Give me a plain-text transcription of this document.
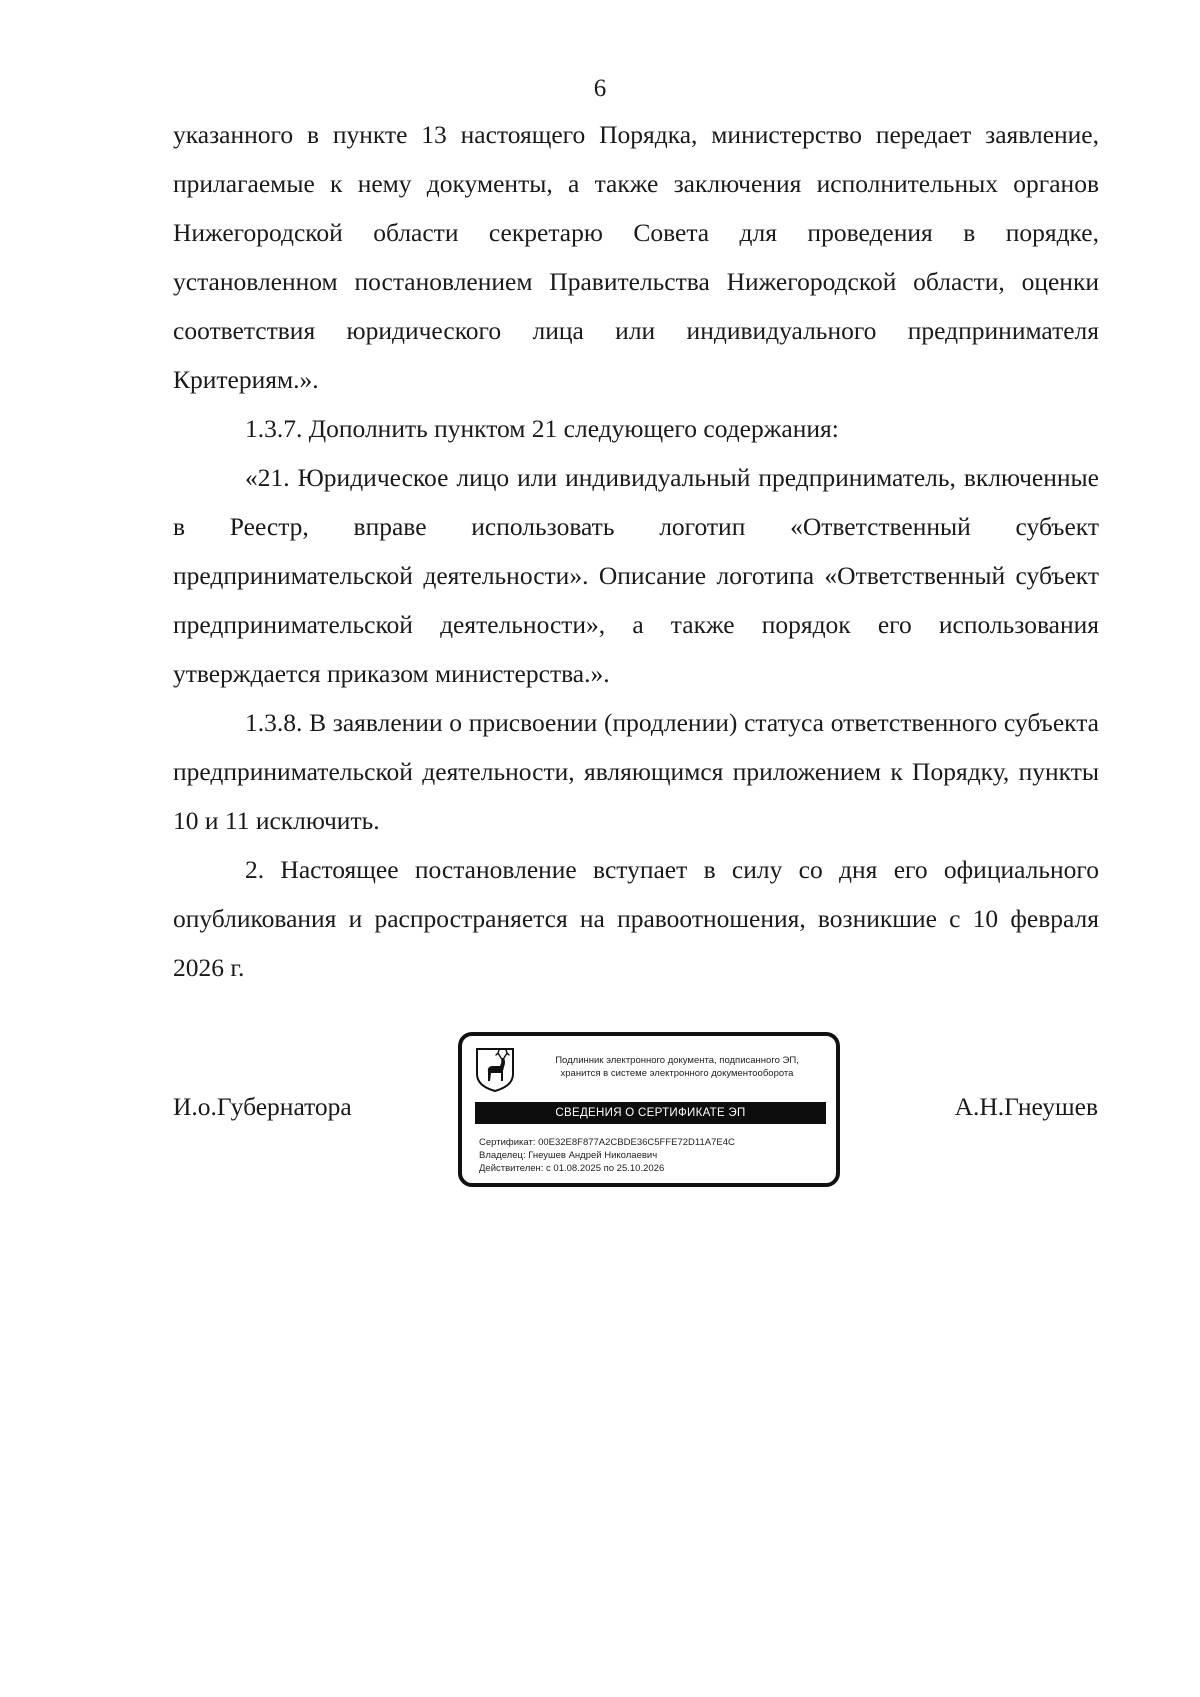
6

указанного в пункте 13 настоящего Порядка, министерство передает заявление, прилагаемые к нему документы, а также заключения исполнительных органов Нижегородской области секретарю Совета для проведения в порядке, установленном постановлением Правительства Нижегородской области, оценки соответствия юридического лица или индивидуального предпринимателя Критериям.».

1.3.7. Дополнить пунктом 21 следующего содержания:

«21. Юридическое лицо или индивидуальный предприниматель, включенные в Реестр, вправе использовать логотип «Ответственный субъект предпринимательской деятельности». Описание логотипа «Ответственный субъект предпринимательской деятельности», а также порядок его использования утверждается приказом министерства.».

1.3.8. В заявлении о присвоении (продлении) статуса ответственного субъекта предпринимательской деятельности, являющимся приложением к Порядку, пункты 10 и 11 исключить.

2. Настоящее постановление вступает в силу со дня его официального опубликования и распространяется на правоотношения, возникшие с 10 февраля 2026 г.

И.о.Губернатора	А.Н.Гнеушев
Подлинник электронного документа, подписанного ЭП,
хранится в системе электронного документооборота
СВЕДЕНИЯ О СЕРТИФИКАТЕ ЭП
Сертификат: 00E32E8F877A2CBDE36C5FFE72D11A7E4C
Владелец: Гнеушев Андрей Николаевич
Действителен: с 01.08.2025 по 25.10.2026
